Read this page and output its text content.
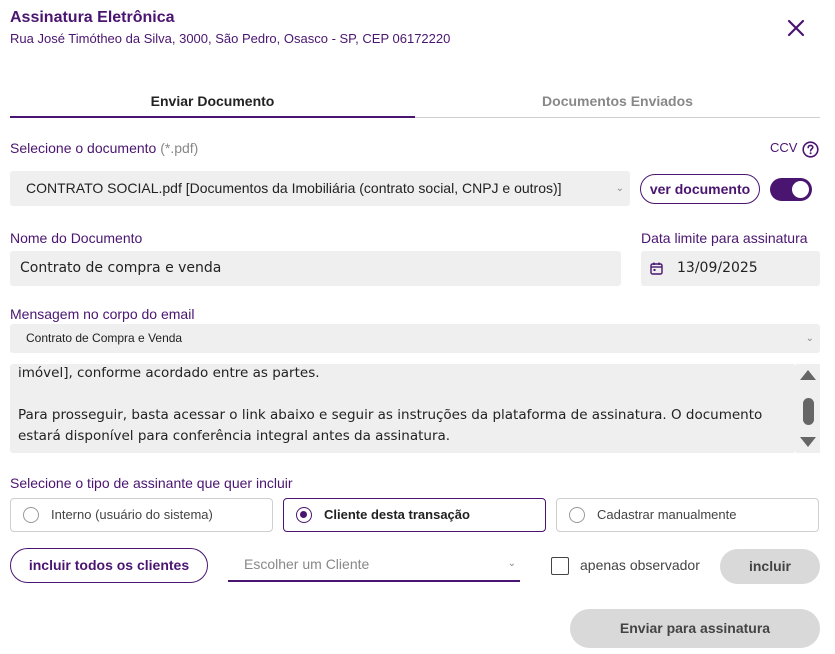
Assinatura Eletrônica
Rua José Timótheo da Silva, 3000, São Pedro, Osasco - SP, CEP 06172220
Enviar Documento	Documentos Enviados
Selecione o documento (*.pdf)	CCV
CONTRATO SOCIAL.pdf [Documentos da Imobiliária (contrato social, CNPJ e outros)]	⌄	ver documento
Nome do Documento
Contrato de compra e venda
Data limite para assinatura
13/09/2025
Mensagem no corpo do email
Contrato de Compra e Venda	⌄

imóvel], conforme acordado entre as partes.

Para prosseguir, basta acessar o link abaixo e seguir as instruções da plataforma de assinatura. O documento

estará disponível para conferência integral antes da assinatura.

Selecione o tipo de assinante que quer incluir
Interno (usuário do sistema)	Cliente desta transação	Cadastrar manualmente
incluir todos os clientes	Escolher um Cliente	⌄	apenas observador	incluir
Enviar para assinatura
